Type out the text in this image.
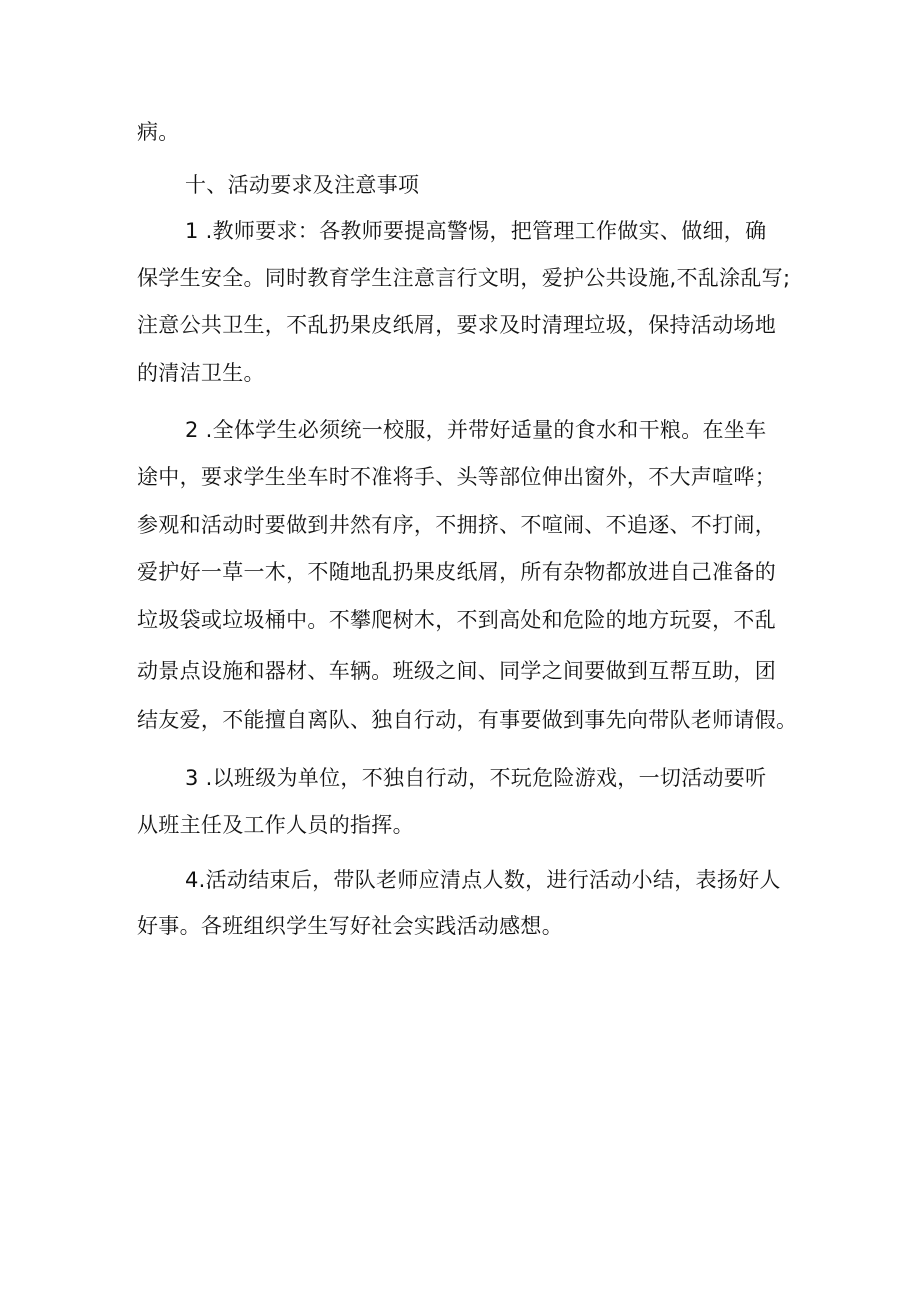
病。
十、活动要求及注意事项
1 .教师要求：各教师要提高警惕，把管理工作做实、做细，确
保学生安全。同时教育学生注意言行文明，爱护公共设施,不乱涂乱写;
注意公共卫生，不乱扔果皮纸屑，要求及时清理垃圾，保持活动场地
的清洁卫生。
2 .全体学生必须统一校服，并带好适量的食水和干粮。在坐车
途中，要求学生坐车时不准将手、头等部位伸出窗外，不大声喧哗；
参观和活动时要做到井然有序，不拥挤、不喧闹、不追逐、不打闹，
爱护好一草一木，不随地乱扔果皮纸屑，所有杂物都放进自己准备的
垃圾袋或垃圾桶中。不攀爬树木，不到高处和危险的地方玩耍，不乱
动景点设施和器材、车辆。班级之间、同学之间要做到互帮互助，团
结友爱，不能擅自离队、独自行动，有事要做到事先向带队老师请假。
3 .以班级为单位，不独自行动，不玩危险游戏，一切活动要听
从班主任及工作人员的指挥。
4.活动结束后，带队老师应清点人数，进行活动小结，表扬好人
好事。各班组织学生写好社会实践活动感想。
